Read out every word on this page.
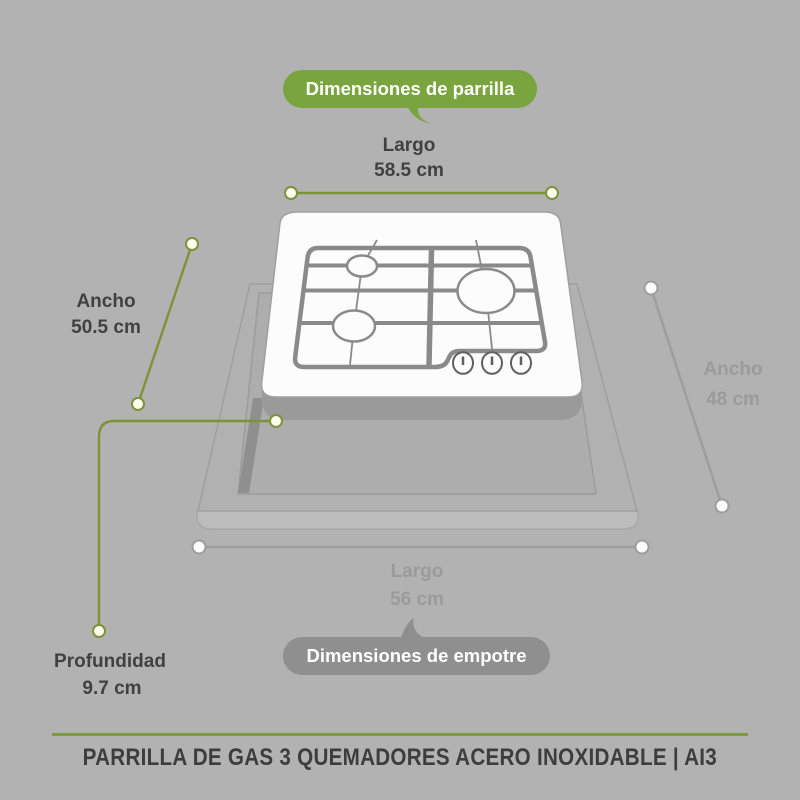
Dimensiones de parrilla
Dimensiones de empotre
Largo
58.5 cm
Ancho
50.5 cm
Profundidad
9.7 cm
Ancho
48 cm
Largo
56 cm
PARRILLA DE GAS 3 QUEMADORES ACERO INOXIDABLE | AI3
